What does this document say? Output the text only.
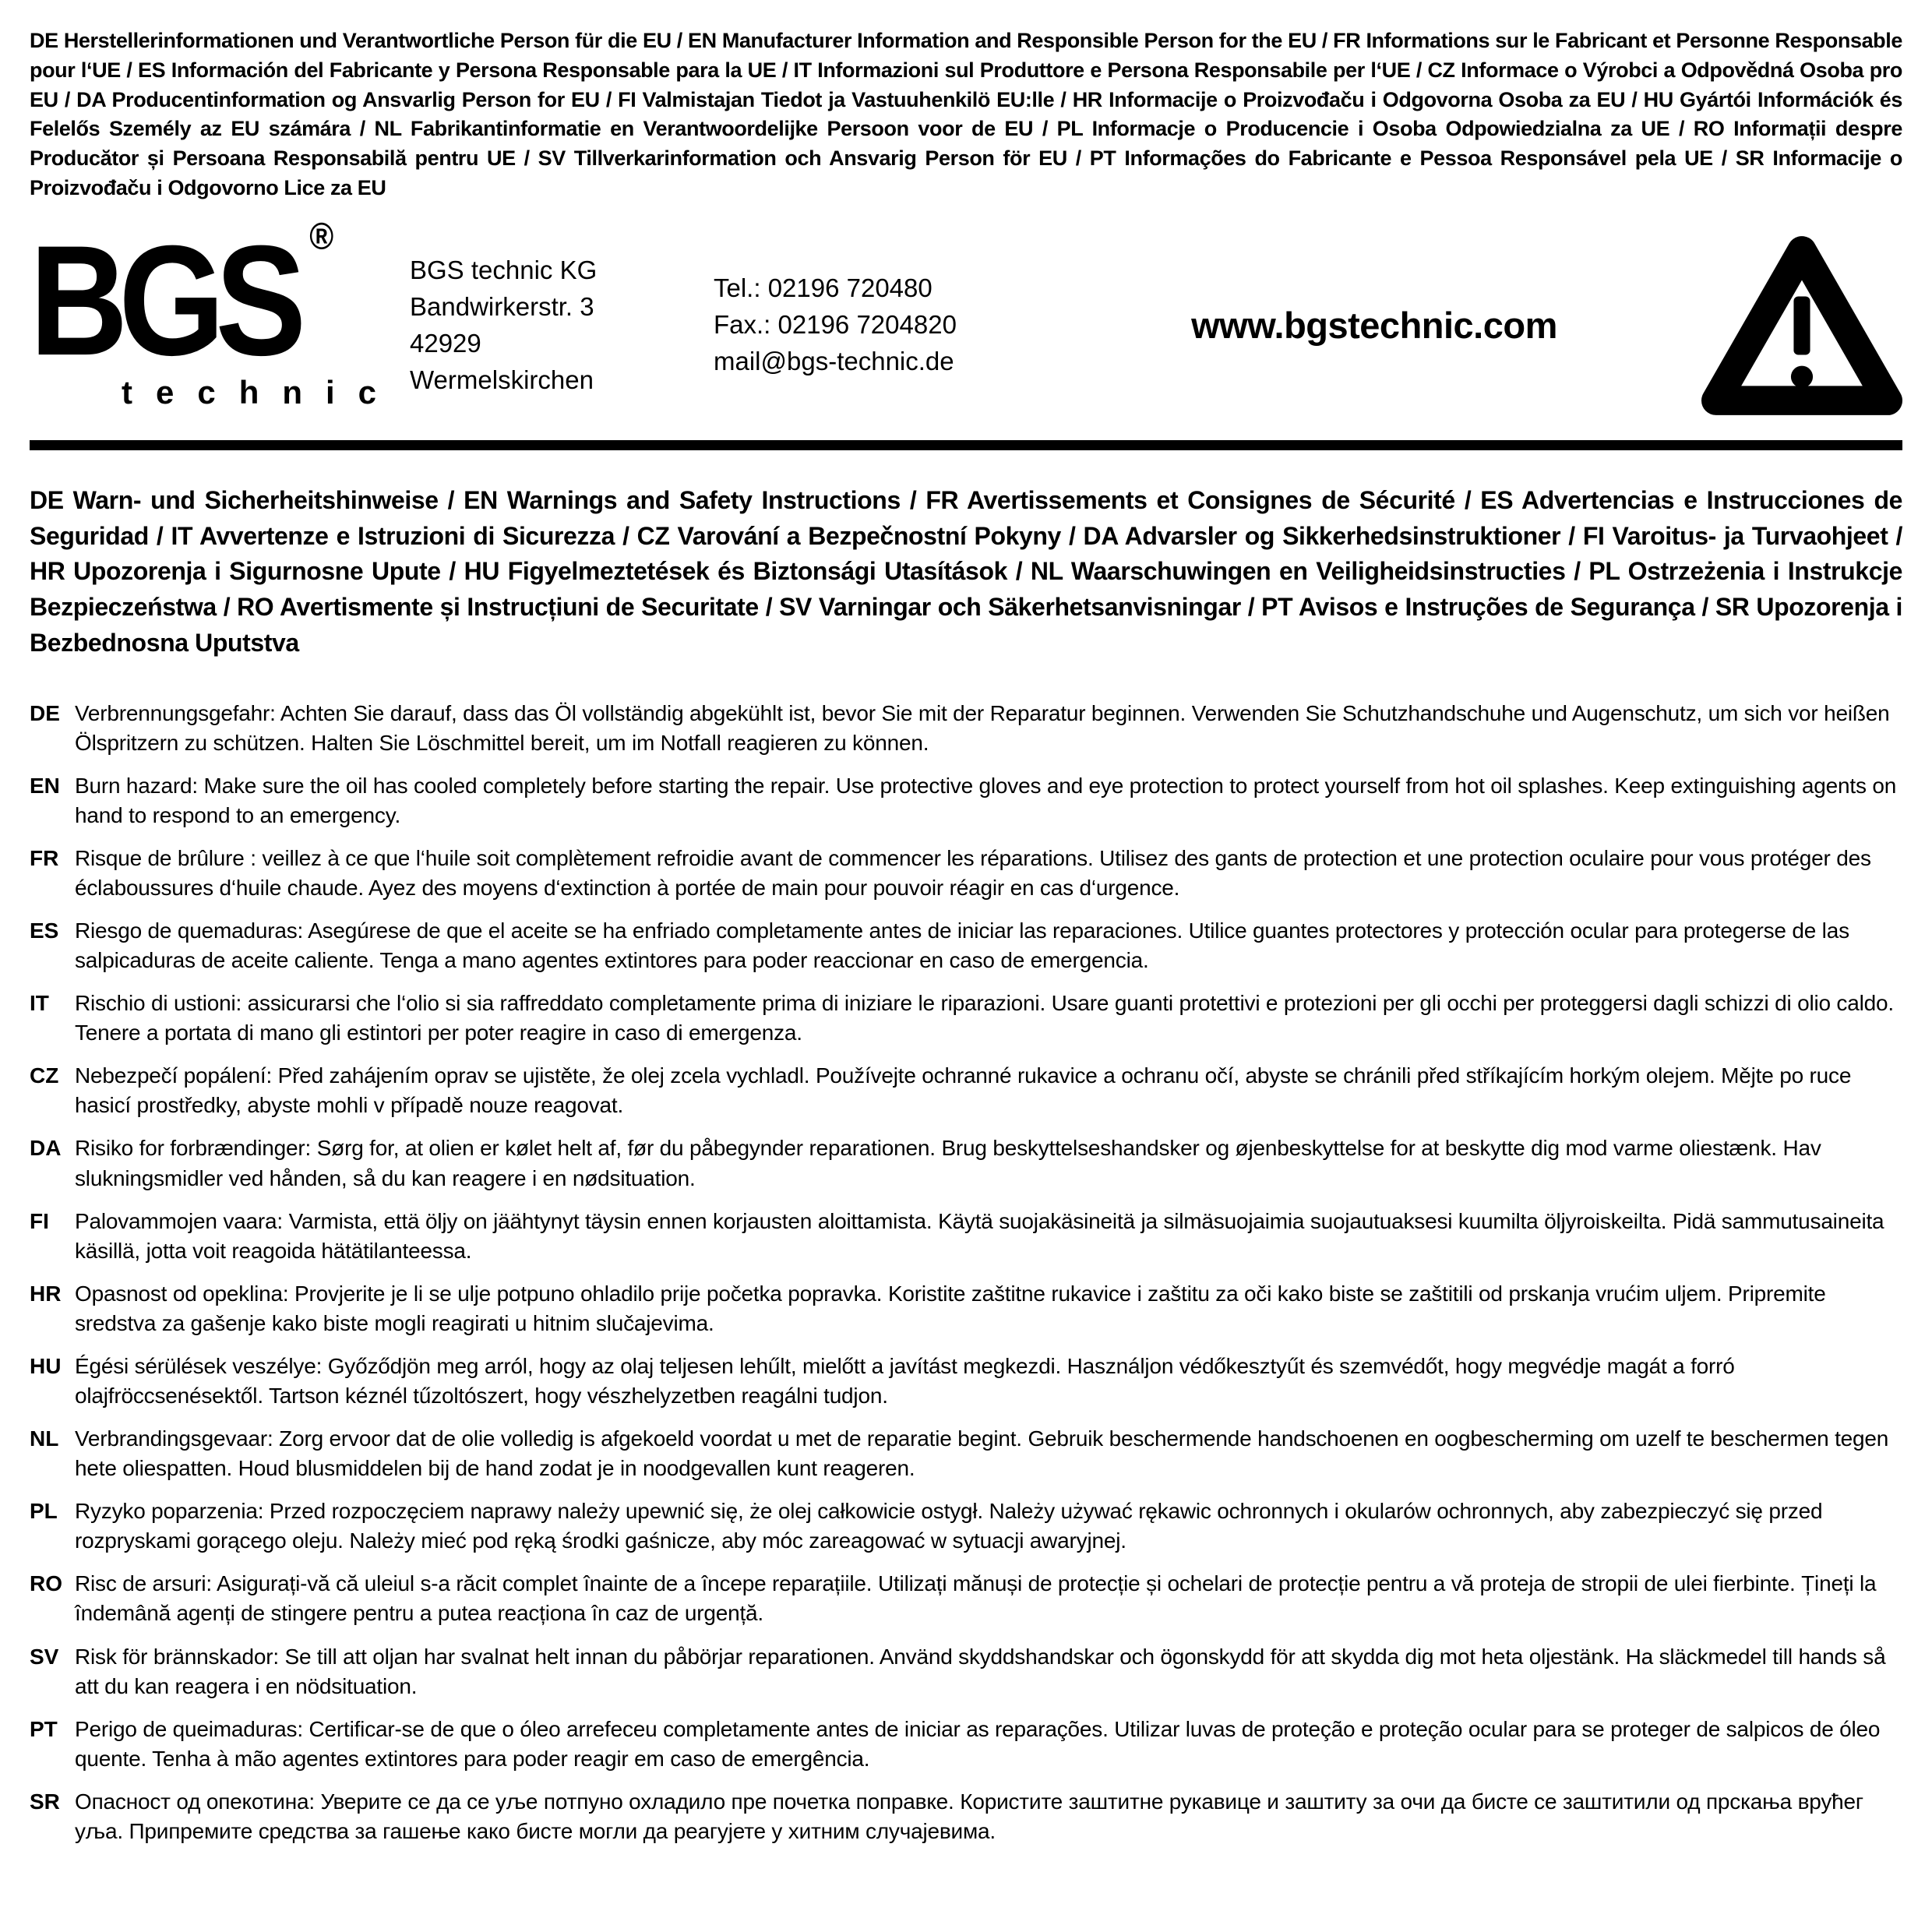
DE Herstellerinformationen und Verantwortliche Person für die EU / EN Manufacturer Information and Responsible Person for the EU / FR Informations sur le Fabricant et Personne Responsable pour l‘UE / ES Información del Fabricante y Persona Responsable para la UE / IT Informazioni sul Produttore e Persona Responsabile per l‘UE / CZ Informace o Výrobci a Odpovědná Osoba pro EU / DA Producentinformation og Ansvarlig Person for EU / FI Valmistajan Tiedot ja Vastuuhenkilö EU:lle / HR Informacije o Proizvođaču i Odgovorna Osoba za EU / HU Gyártói Információk és Felelős Személy az EU számára / NL Fabrikantinformatie en Verantwoordelijke Persoon voor de EU / PL Informacje o Producencie i Osoba Odpowiedzialna za UE / RO Informații despre Producător și Persoana Responsabilă pentru UE / SV Tillverkarinformation och Ansvarig Person för EU / PT Informações do Fabricante e Pessoa Responsável pela UE / SR Informacije o Proizvođaču i Odgovorno Lice za EU

BGS ®
technic
BGS technic KG
Bandwirkerstr. 3
42929 Wermelskirchen
Tel.: 02196 720480
Fax.: 02196 7204820
mail@bgs-technic.de
www.bgstechnic.com

DE Warn- und Sicherheitshinweise / EN Warnings and Safety Instructions / FR Avertissements et Consignes de Sécurité / ES Advertencias e Instrucciones de Seguridad / IT Avvertenze e Istruzioni di Sicurezza / CZ Varování a Bezpečnostní Pokyny / DA Advarsler og Sikkerhedsinstruktioner / FI Varoitus- ja Turvaohjeet / HR Upozorenja i Sigurnosne Upute / HU Figyelmeztetések és Biztonsági Utasítások / NL Waarschuwingen en Veiligheidsinstructies / PL Ostrzeżenia i Instrukcje Bezpieczeństwa / RO Avertismente și Instrucțiuni de Securitate / SV Varningar och Säkerhetsanvisningar / PT Avisos e Instruções de Segurança / SR Upozorenja i Bezbednosna Uputstva

DE Verbrennungsgefahr: Achten Sie darauf, dass das Öl vollständig abgekühlt ist, bevor Sie mit der Reparatur beginnen. Verwenden Sie Schutzhandschuhe und Augenschutz, um sich vor heißen Ölspritzern zu schützen. Halten Sie Löschmittel bereit, um im Notfall reagieren zu können.
EN Burn hazard: Make sure the oil has cooled completely before starting the repair. Use protective gloves and eye protection to protect yourself from hot oil splashes. Keep extinguishing agents on hand to respond to an emergency.
FR Risque de brûlure : veillez à ce que l‘huile soit complètement refroidie avant de commencer les réparations. Utilisez des gants de protection et une protection oculaire pour vous protéger des éclaboussures d‘huile chaude. Ayez des moyens d‘extinction à portée de main pour pouvoir réagir en cas d‘urgence.
ES Riesgo de quemaduras: Asegúrese de que el aceite se ha enfriado completamente antes de iniciar las reparaciones. Utilice guantes protectores y protección ocular para protegerse de las salpicaduras de aceite caliente. Tenga a mano agentes extintores para poder reaccionar en caso de emergencia.
IT	Rischio di ustioni: assicurarsi che l‘olio si sia raffreddato completamente prima di iniziare le riparazioni. Usare guanti protettivi e protezioni per gli occhi per proteggersi dagli schizzi di olio caldo. Tenere a portata di mano gli estintori per poter reagire in caso di emergenza.
CZ Nebezpečí popálení: Před zahájením oprav se ujistěte, že olej zcela vychladl. Používejte ochranné rukavice a ochranu očí, abyste se chránili před stříkajícím horkým olejem. Mějte po ruce hasicí prostředky, abyste mohli v případě nouze reagovat.
DA Risiko for forbrændinger: Sørg for, at olien er kølet helt af, før du påbegynder reparationen. Brug beskyttelseshandsker og øjenbeskyttelse for at beskytte dig mod varme oliestænk. Hav slukningsmidler ved hånden, så du kan reagere i en nødsituation.
FI	Palovammojen vaara: Varmista, että öljy on jäähtynyt täysin ennen korjausten aloittamista. Käytä suojakäsineitä ja silmäsuojaimia suojautuaksesi kuumilta öljyroiskeilta. Pidä sammutusaineita käsillä, jotta voit reagoida hätätilanteessa.
HR Opasnost od opeklina: Provjerite je li se ulje potpuno ohladilo prije početka popravka. Koristite zaštitne rukavice i zaštitu za oči kako biste se zaštitili od prskanja vrućim uljem. Pripremite sredstva za gašenje kako biste mogli reagirati u hitnim slučajevima.
HU Égési sérülések veszélye: Győződjön meg arról, hogy az olaj teljesen lehűlt, mielőtt a javítást megkezdi. Használjon védőkesztyűt és szemvédőt, hogy megvédje magát a forró olajfröccsenésektől. Tartson kéznél tűzoltószert, hogy vészhelyzetben reagálni tudjon.
NL Verbrandingsgevaar: Zorg ervoor dat de olie volledig is afgekoeld voordat u met de reparatie begint. Gebruik beschermende handschoenen en oogbescherming om uzelf te beschermen tegen hete oliespatten. Houd blusmiddelen bij de hand zodat je in noodgevallen kunt reageren.
PL Ryzyko poparzenia: Przed rozpoczęciem naprawy należy upewnić się, że olej całkowicie ostygł. Należy używać rękawic ochronnych i okularów ochronnych, aby zabezpieczyć się przed rozpryskami gorącego oleju. Należy mieć pod ręką środki gaśnicze, aby móc zareagować w sytuacji awaryjnej.
RO Risc de arsuri: Asigurați-vă că uleiul s-a răcit complet înainte de a începe reparațiile. Utilizați mănuși de protecție și ochelari de protecție pentru a vă proteja de stropii de ulei fierbinte. Țineți la îndemână agenți de stingere pentru a putea reacționa în caz de urgență.
SV Risk för brännskador: Se till att oljan har svalnat helt innan du påbörjar reparationen. Använd skyddshandskar och ögonskydd för att skydda dig mot heta oljestänk. Ha släckmedel till hands så att du kan reagera i en nödsituation.
PT Perigo de queimaduras: Certificar-se de que o óleo arrefeceu completamente antes de iniciar as reparações. Utilizar luvas de proteção e proteção ocular para se proteger de salpicos de óleo quente. Tenha à mão agentes extintores para poder reagir em caso de emergência.
SR Опасност од опекотина: Уверите се да се уље потпуно охладило пре почетка поправке. Користите заштитне рукавице и заштиту за очи да бисте се заштитили од прскања врућег уља. Припремите средства за гашење како бисте могли да реагујете у хитним случајевима.
